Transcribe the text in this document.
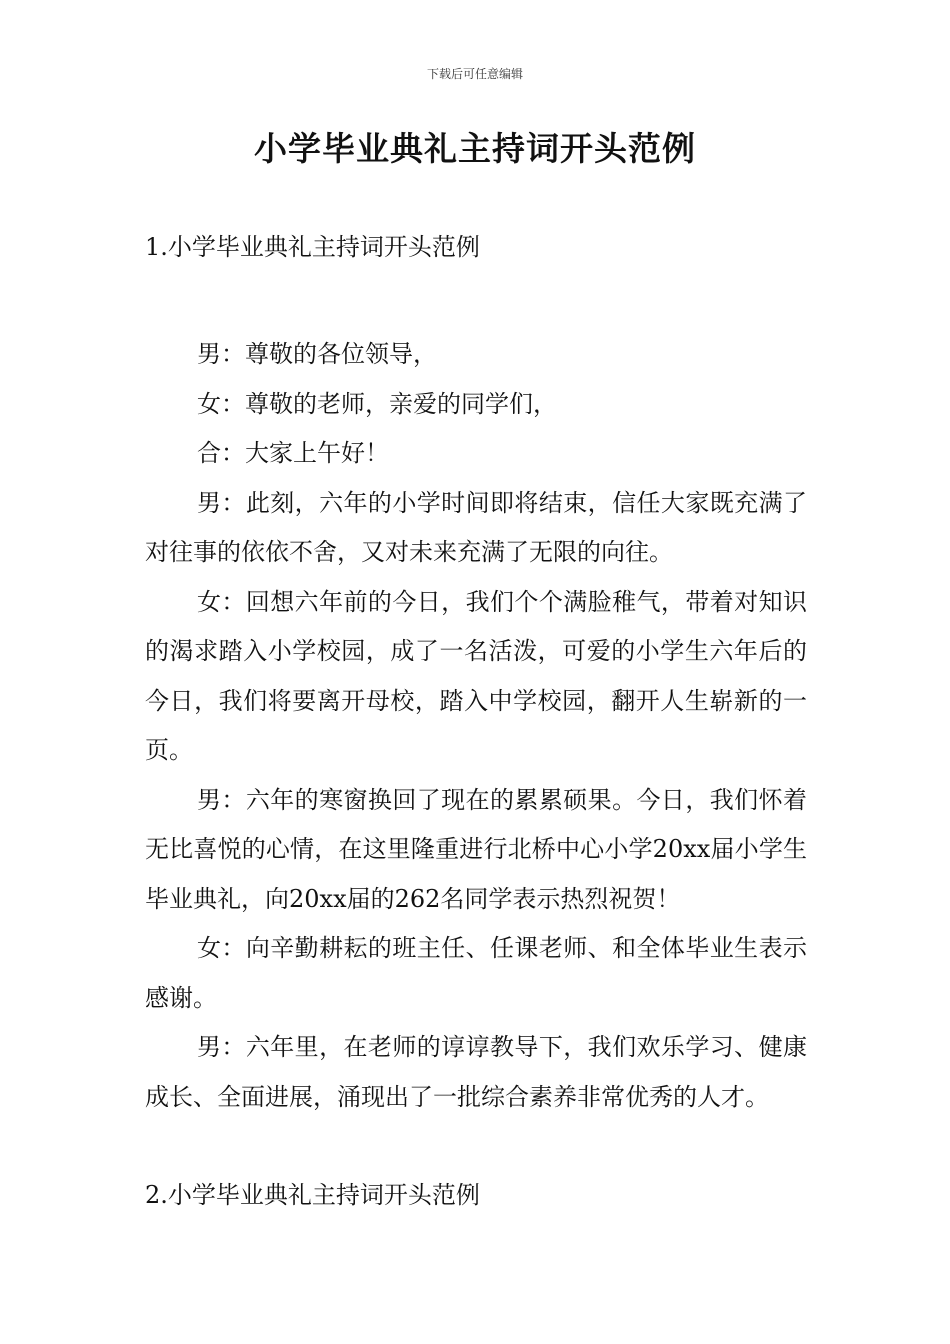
下载后可任意编辑
小学毕业典礼主持词开头范例
1.小学毕业典礼主持词开头范例

男：尊敬的各位领导，

女：尊敬的老师，亲爱的同学们，

合：大家上午好！

男：此刻，六年的小学时间即将结束，信任大家既充满了对往事的依依不舍，又对未来充满了无限的向往。

女：回想六年前的今日，我们个个满脸稚气，带着对知识的渴求踏入小学校园，成了一名活泼，可爱的小学生六年后的今日，我们将要离开母校，踏入中学校园，翻开人生崭新的一页。

男：六年的寒窗换回了现在的累累硕果。今日，我们怀着无比喜悦的心情，在这里隆重进行北桥中心小学20xx届小学生毕业典礼，向20xx届的262名同学表示热烈祝贺！

女：向辛勤耕耘的班主任、任课老师、和全体毕业生表示感谢。

男：六年里，在老师的谆谆教导下，我们欢乐学习、健康成长、全面进展，涌现出了一批综合素养非常优秀的人才。

2.小学毕业典礼主持词开头范例
